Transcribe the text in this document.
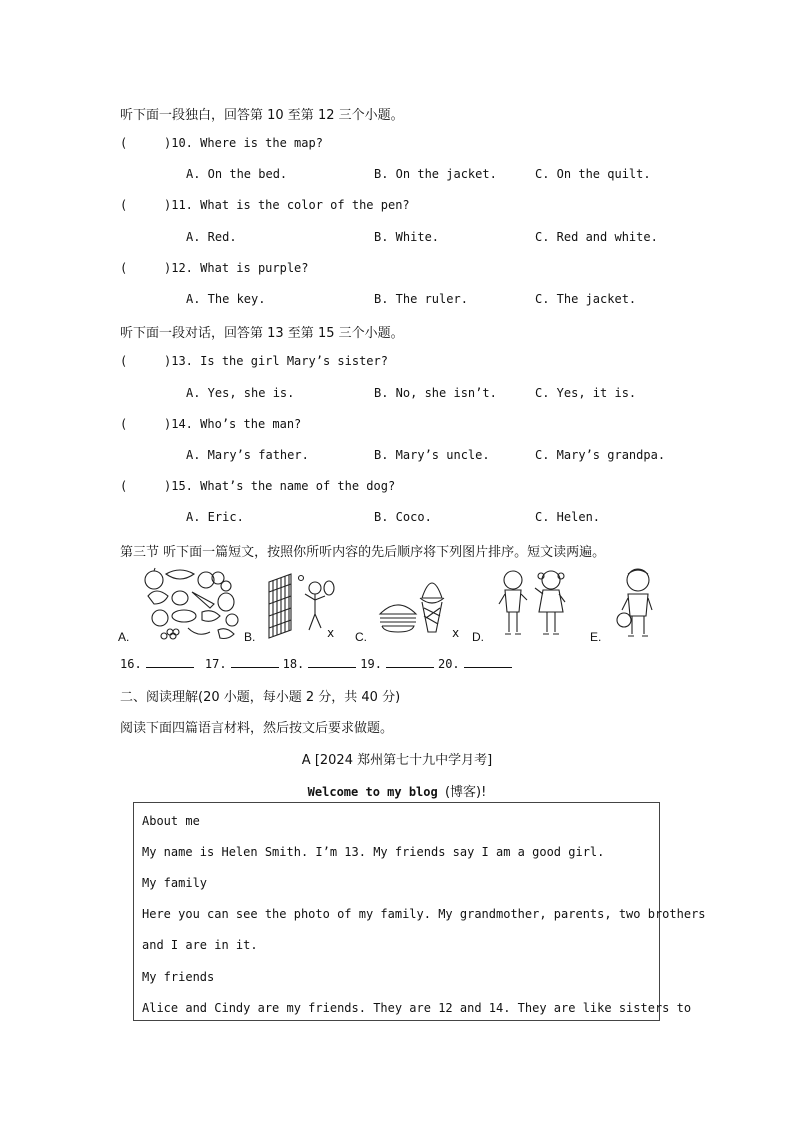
听下面一段独白，回答第 10 至第 12 三个小题。
(	)10. Where is the map?
A. On the bed.	B. On the jacket.	C. On the quilt.
(	)11. What is the color of the pen?
A. Red.	B. White.	C. Red and white.
(	)12. What is purple?
A. The key.	B. The ruler.	C. The jacket.
听下面一段对话，回答第 13 至第 15 三个小题。
(	)13. Is the girl Mary’s sister?
A. Yes, she is.	B. No, she isn’t.	C. Yes, it is.
(	)14. Who’s the man?
A. Mary’s father.	B. Mary’s uncle.	C. Mary’s grandpa.
(	)15. What’s the name of the dog?
A. Eric.	B. Coco.	C. Helen.
第三节 听下面一篇短文，按照你所听内容的先后顺序将下列图片排序。短文读两遍。
x	x
A.	B.	C.	D.	E.
16.	17.	18.	19.	20.
二、阅读理解(20 小题，每小题 2 分，共 40 分)
阅读下面四篇语言材料，然后按文后要求做题。
A [2024 郑州第七十九中学月考]
Welcome to my blog (博客)!
About me
My name is Helen Smith. I’m 13. My friends say I am a good girl.
My family
Here you can see the photo of my family. My grandmother, parents, two brothers
and I are in it.
My friends
Alice and Cindy are my friends. They are 12 and 14. They are like sisters to
